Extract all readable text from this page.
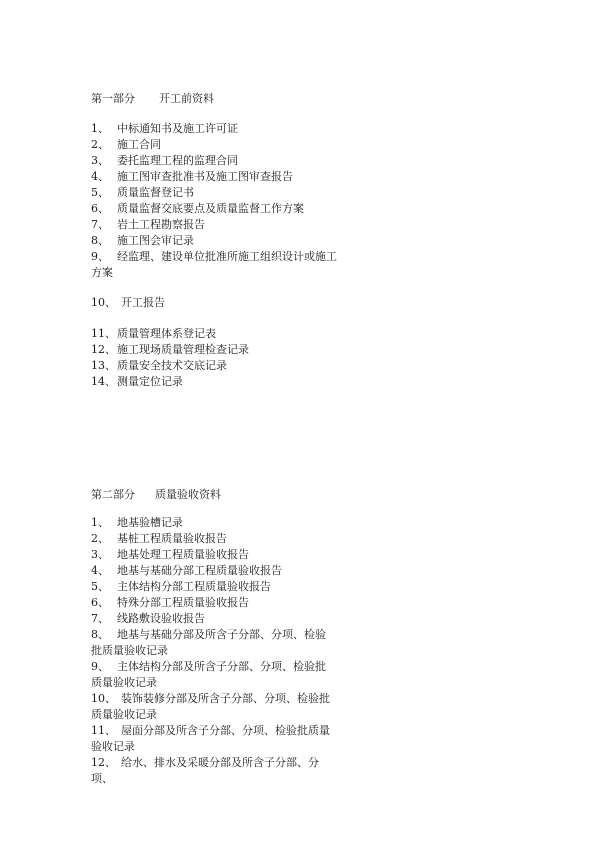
第一部分 开工前资料
1、 中标通知书及施工许可证
2、 施工合同
3、 委托监理工程的监理合同
4、 施工图审查批准书及施工图审查报告
5、 质量监督登记书
6、 质量监督交底要点及质量监督工作方案
7、 岩土工程勘察报告
8、 施工图会审记录
9、 经监理、建设单位批准所施工组织设计或施工方案
10、 开工报告
11、质量管理体系登记表
12、施工现场质量管理检查记录
13、质量安全技术交底记录
14、测量定位记录
第二部分 质量验收资料
1、 地基验槽记录
2、 基桩工程质量验收报告
3、 地基处理工程质量验收报告
4、 地基与基础分部工程质量验收报告
5、 主体结构分部工程质量验收报告
6、 特殊分部工程质量验收报告
7、 线路敷设验收报告
8、 地基与基础分部及所含子分部、分项、检验批质量验收记录
9、 主体结构分部及所含子分部、分项、检验批质量验收记录
10、 装饰装修分部及所含子分部、分项、检验批质量验收记录
11、 屋面分部及所含子分部、分项、检验批质量验收记录
12、 给水、排水及采暖分部及所含子分部、分项、
